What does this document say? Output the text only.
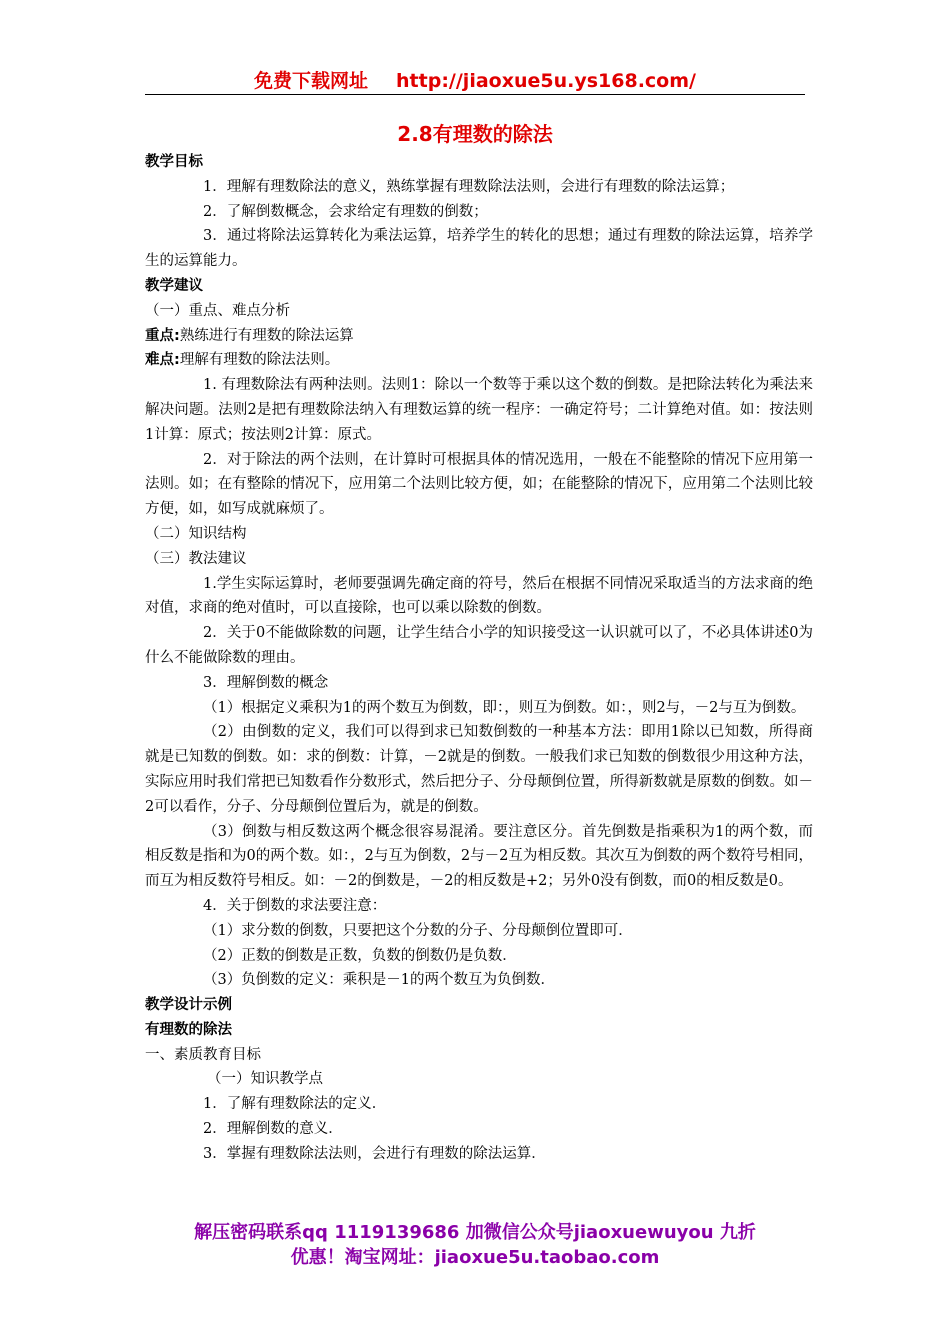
免费下载网址 http://jiaoxue5u.ys168.com/
2.8有理数的除法

教学目标

1．理解有理数除法的意义，熟练掌握有理数除法法则，会进行有理数的除法运算；

2．了解倒数概念，会求给定有理数的倒数；

3．通过将除法运算转化为乘法运算，培养学生的转化的思想；通过有理数的除法运算，培养学生的运算能力。

教学建议

（一）重点、难点分析

重点:熟练进行有理数的除法运算

难点:理解有理数的除法法则。

1. 有理数除法有两种法则。法则1：除以一个数等于乘以这个数的倒数。是把除法转化为乘法来解决问题。法则2是把有理数除法纳入有理数运算的统一程序：一确定符号；二计算绝对值。如：按法则1计算：原式；按法则2计算：原式。

2．对于除法的两个法则，在计算时可根据具体的情况选用，一般在不能整除的情况下应用第一法则。如；在有整除的情况下，应用第二个法则比较方便，如；在能整除的情况下，应用第二个法则比较方便，如，如写成就麻烦了。

（二）知识结构

（三）教法建议

1.学生实际运算时，老师要强调先确定商的符号，然后在根据不同情况采取适当的方法求商的绝对值，求商的绝对值时，可以直接除，也可以乘以除数的倒数。

2．关于0不能做除数的问题，让学生结合小学的知识接受这一认识就可以了，不必具体讲述0为什么不能做除数的理由。

3．理解倒数的概念

（1）根据定义乘积为1的两个数互为倒数，即：，则互为倒数。如：，则2与，－2与互为倒数。

（2）由倒数的定义，我们可以得到求已知数倒数的一种基本方法：即用1除以已知数，所得商就是已知数的倒数。如：求的倒数：计算，－2就是的倒数。一般我们求已知数的倒数很少用这种方法，实际应用时我们常把已知数看作分数形式，然后把分子、分母颠倒位置，所得新数就是原数的倒数。如－2可以看作，分子、分母颠倒位置后为，就是的倒数。

（3）倒数与相反数这两个概念很容易混淆。要注意区分。首先倒数是指乘积为1的两个数，而相反数是指和为0的两个数。如：，2与互为倒数，2与－2互为相反数。其次互为倒数的两个数符号相同，而互为相反数符号相反。如：－2的倒数是，－2的相反数是+2；另外0没有倒数，而0的相反数是0。

4．关于倒数的求法要注意：

（1）求分数的倒数，只要把这个分数的分子、分母颠倒位置即可．

（2）正数的倒数是正数，负数的倒数仍是负数．

（3）负倒数的定义：乘积是－1的两个数互为负倒数．

教学设计示例

有理数的除法

一、素质教育目标

（一）知识教学点

1．了解有理数除法的定义．

2．理解倒数的意义．

3．掌握有理数除法法则，会进行有理数的除法运算．

解压密码联系qq 1119139686 加微信公众号jiaoxuewuyou 九折
优惠！淘宝网址：jiaoxue5u.taobao.com
